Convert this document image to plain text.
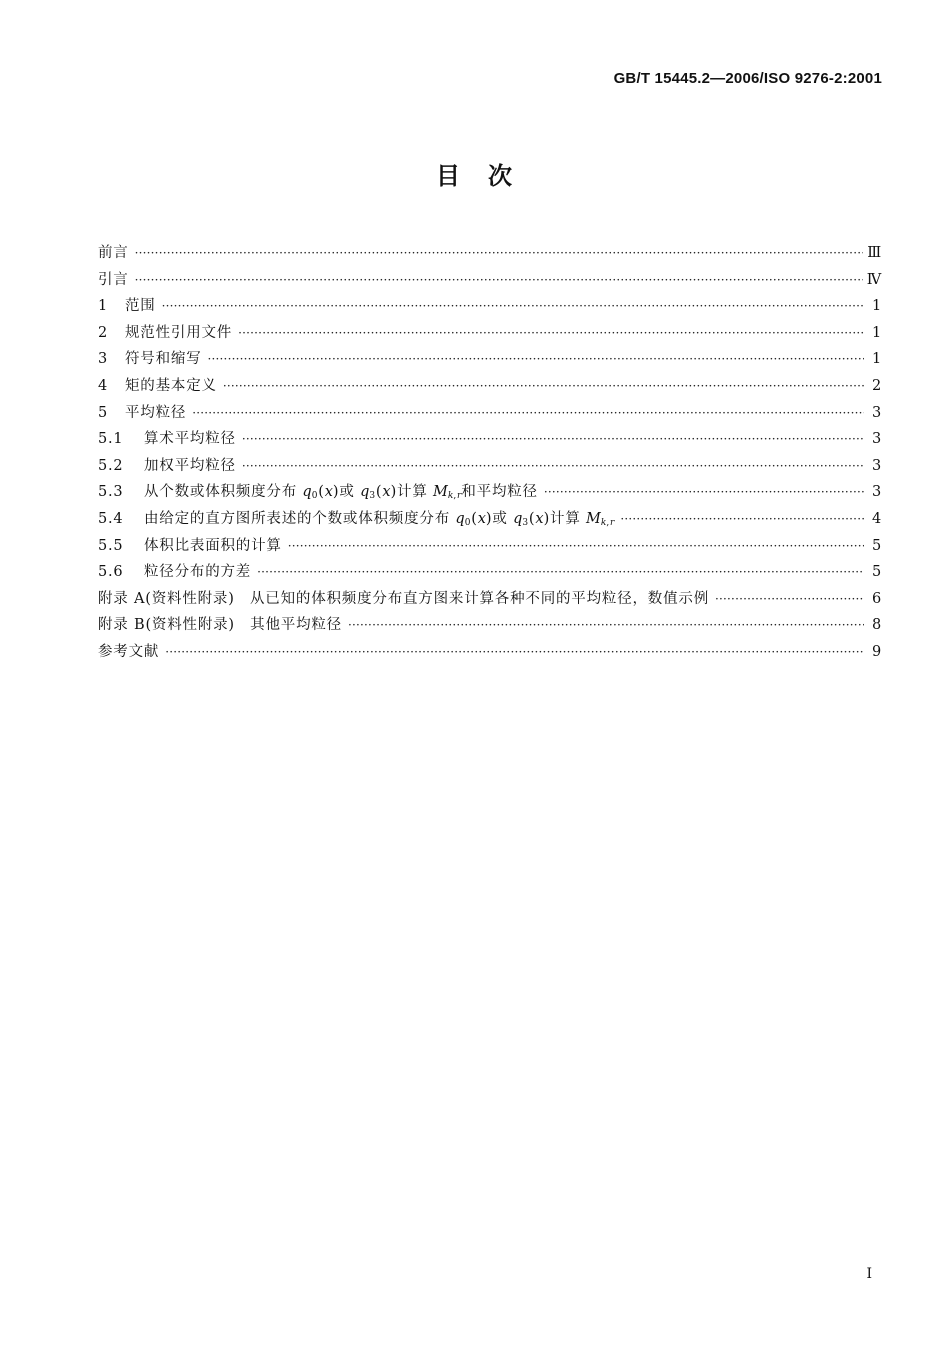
GB/T 15445.2—2006/ISO 9276-2:2001
目　次
前言 ·····	Ⅲ
引言 ·····	Ⅳ
1	范围 ·····	1
2	规范性引用文件 ·····	1
3	符号和缩写 ·····	1
4	矩的基本定义 ·····	2
5	平均粒径 ·····	3
5.1	算术平均粒径 ·····	3
5.2	加权平均粒径 ·····	3
5.3	从个数或体积频度分布 $q_0(x)$或 $q_3(x)$计算 $M_{k,r}$和平均粒径 ·····	3
5.4	由给定的直方图所表述的个数或体积频度分布 $q_0(x)$或 $q_3(x)$计算 $M_{k,r}$ ·····	4
5.5	体积比表面积的计算 ·····	5
5.6	粒径分布的方差 ·····	5
附录 A(资料性附录)　从已知的体积频度分布直方图来计算各种不同的平均粒径，数值示例 ·····	6
附录 B(资料性附录)　其他平均粒径 ·····	8
参考文献 ·····	9
I
